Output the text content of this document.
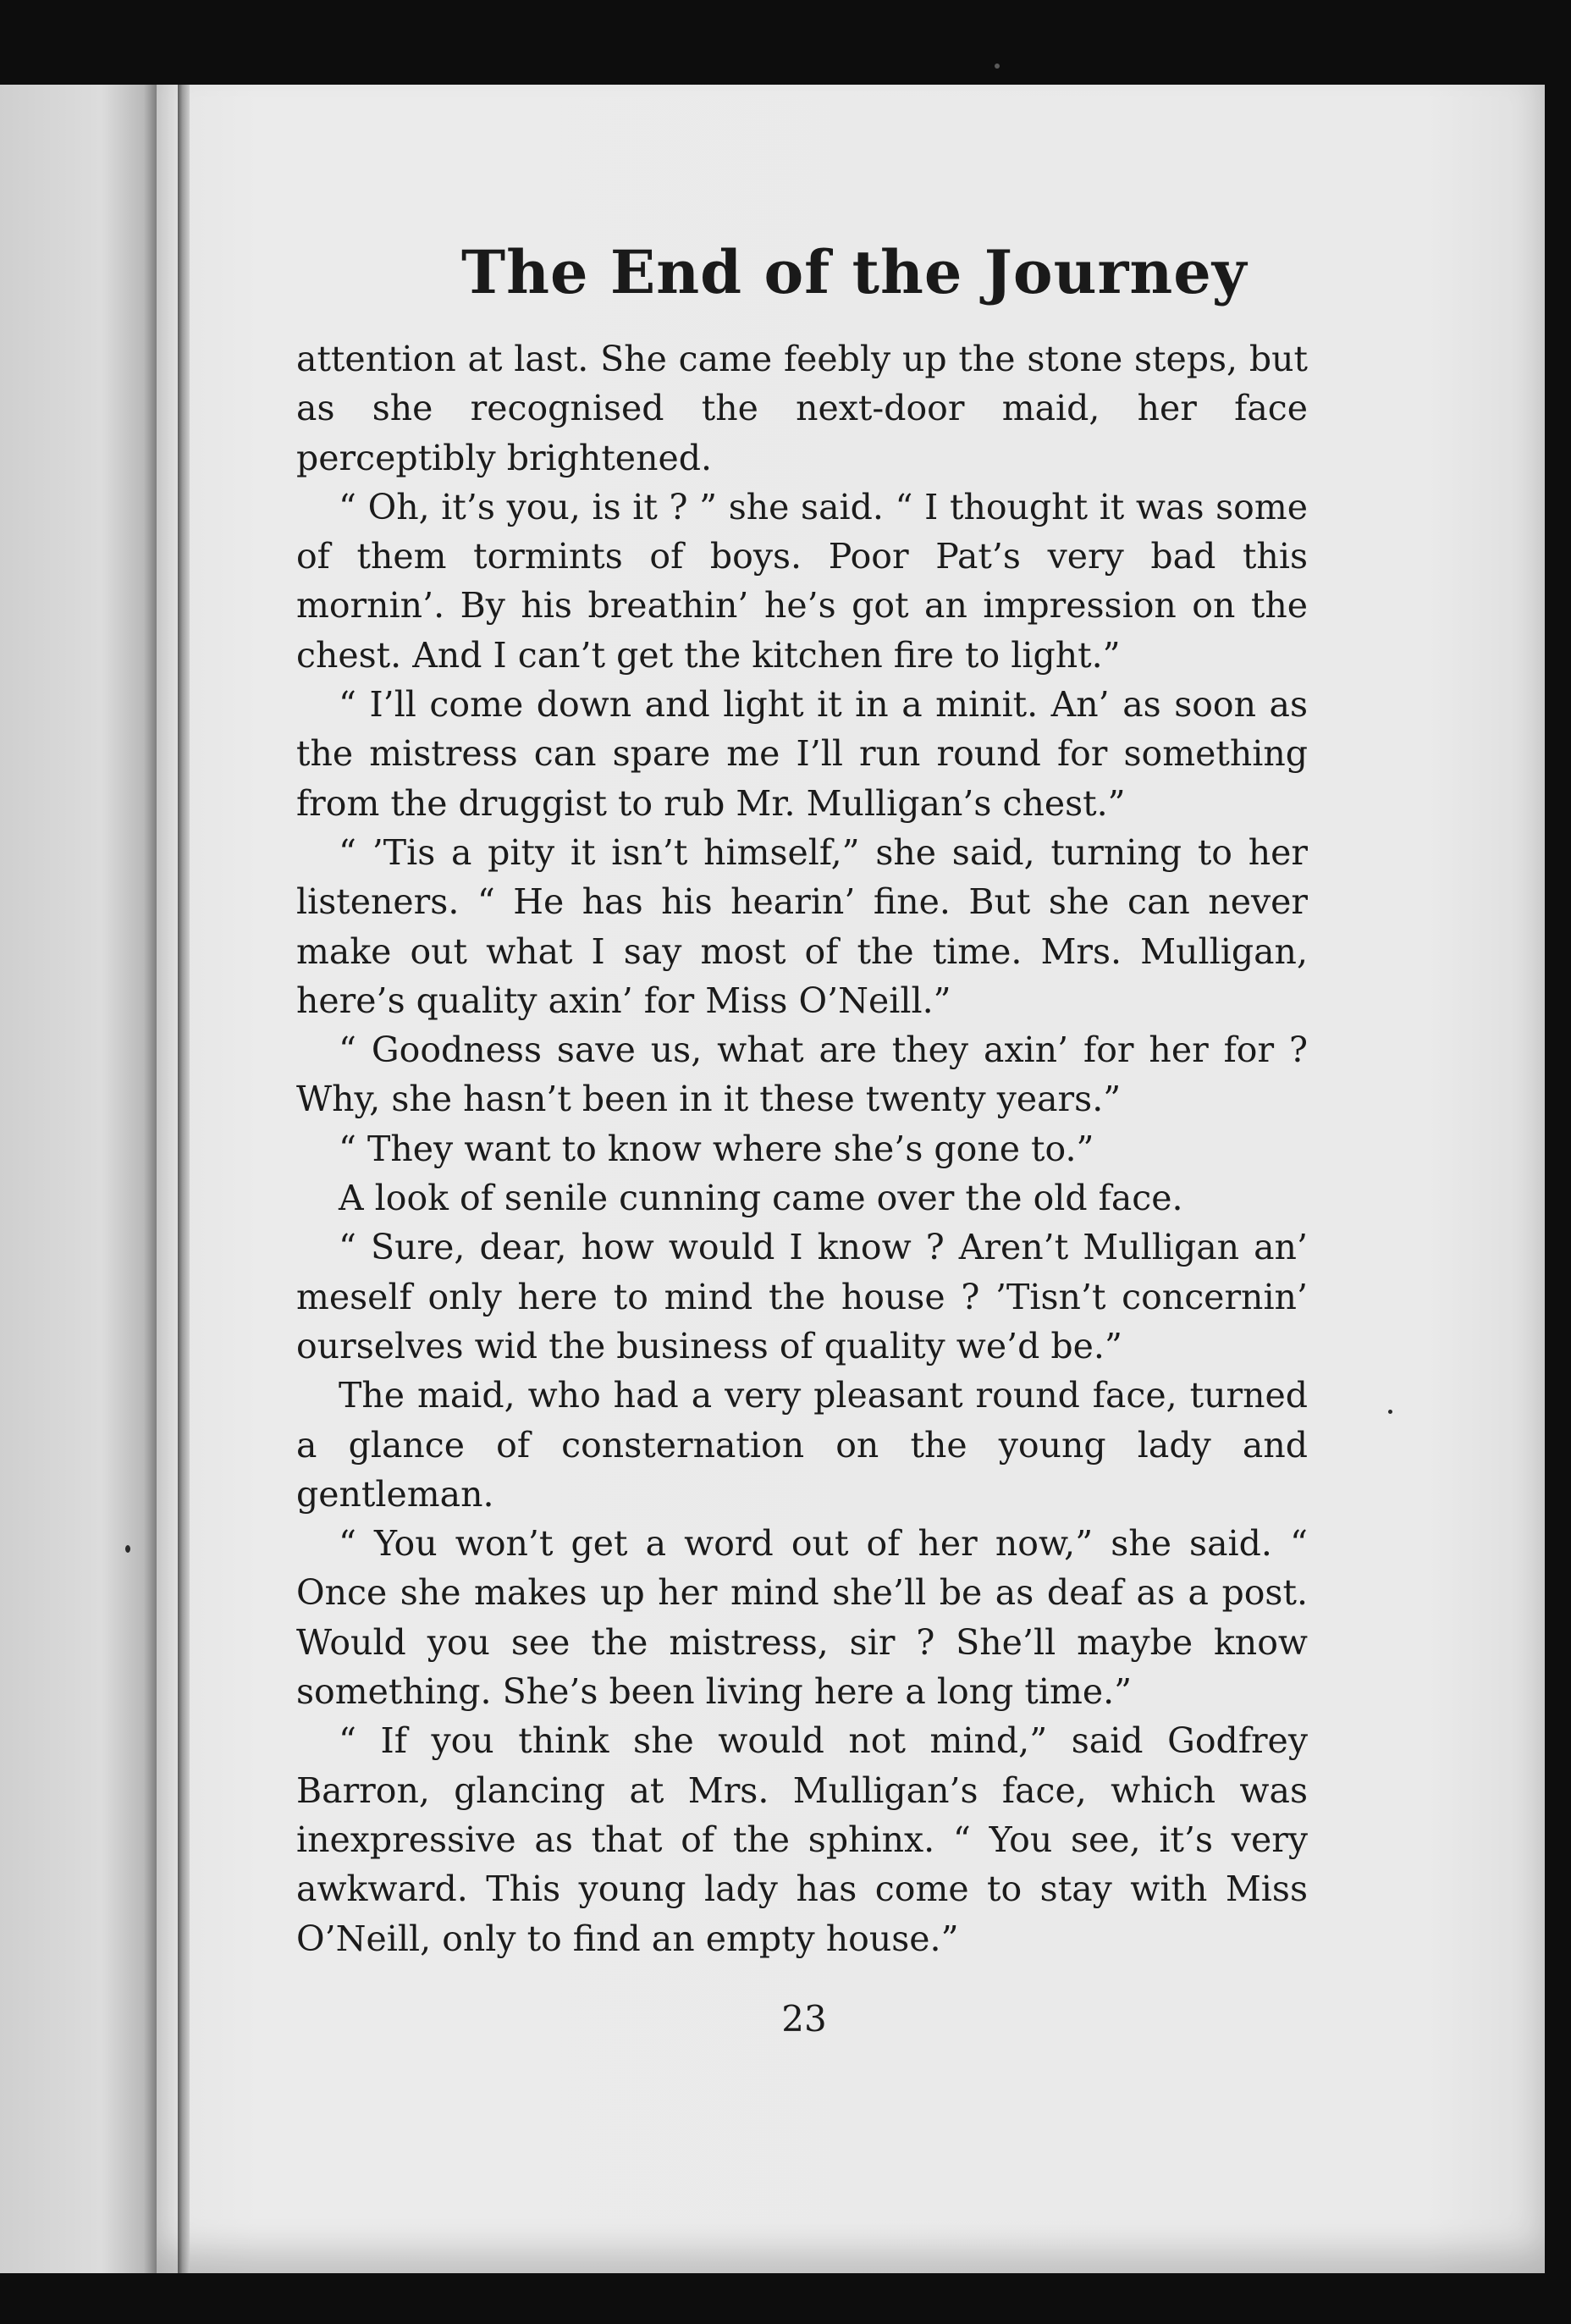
The End of the Journey

attention at last. She came feebly up the stone steps, but as she recognised the next-door maid, her face perceptibly brightened.

“ Oh, it’s you, is it ? ” she said. “ I thought it was some of them tormints of boys. Poor Pat’s very bad this mornin’. By his breathin’ he’s got an impression on the chest. And I can’t get the kitchen fire to light.”

“ I’ll come down and light it in a minit. An’ as soon as the mistress can spare me I’ll run round for something from the druggist to rub Mr. Mulligan’s chest.”

“ ’Tis a pity it isn’t himself,” she said, turning to her listeners. “ He has his hearin’ fine. But she can never make out what I say most of the time. Mrs. Mulligan, here’s quality axin’ for Miss O’Neill.”

“ Goodness save us, what are they axin’ for her for ? Why, she hasn’t been in it these twenty years.”

“ They want to know where she’s gone to.”

A look of senile cunning came over the old face.

“ Sure, dear, how would I know ? Aren’t Mulligan an’ meself only here to mind the house ? ’Tisn’t concernin’ ourselves wid the business of quality we’d be.”

The maid, who had a very pleasant round face, turned a glance of consternation on the young lady and gentleman.

“ You won’t get a word out of her now,” she said. “ Once she makes up her mind she’ll be as deaf as a post. Would you see the mistress, sir ? She’ll maybe know something. She’s been living here a long time.”

“ If you think she would not mind,” said Godfrey Barron, glancing at Mrs. Mulligan’s face, which was inexpressive as that of the sphinx. “ You see, it’s very awkward. This young lady has come to stay with Miss O’Neill, only to find an empty house.”

23
